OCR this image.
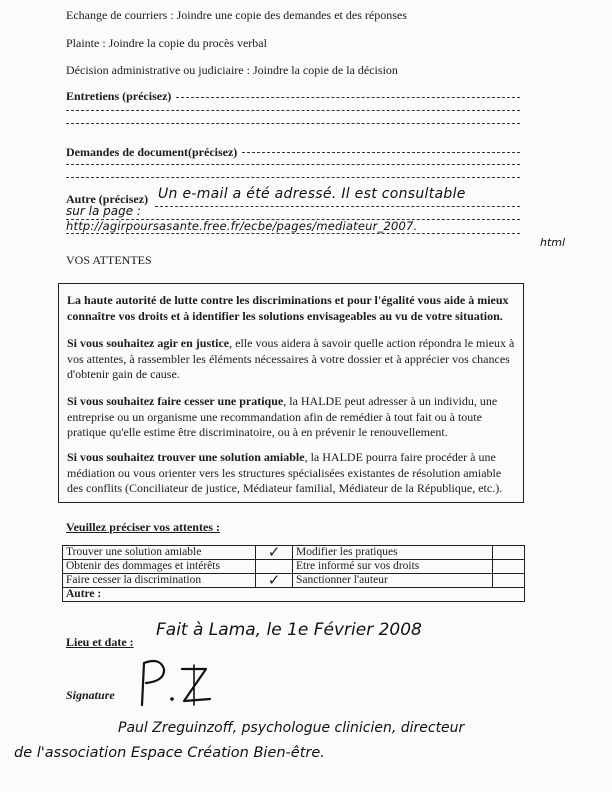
Echange de courriers : Joindre une copie des demandes et des réponses
Plainte : Joindre la copie du procès verbal
Décision administrative ou judiciaire : Joindre la copie de la décision
Entretiens (précisez)
Demandes de document(précisez)
Autre (précisez) Un e-mail a été adressé. Il est consultable
sur la page :
http://agirpoursasante.free.fr/ecbe/pages/mediateur_2007.
html
VOS ATTENTES

La haute autorité de lutte contre les discriminations et pour l'égalité vous aide à mieux connaître vos droits et à identifier les solutions envisageables au vu de votre situation.

Si vous souhaitez agir en justice, elle vous aidera à savoir quelle action répondra le mieux à vos attentes, à rassembler les éléments nécessaires à votre dossier et à apprécier vos chances d'obtenir gain de cause.

Si vous souhaitez faire cesser une pratique, la HALDE peut adresser à un individu, une entreprise ou un organisme une recommandation afin de remédier à tout fait ou à toute pratique qu'elle estime être discriminatoire, ou à en prévenir le renouvellement.

Si vous souhaitez trouver une solution amiable, la HALDE pourra faire procéder à une médiation ou vous orienter vers les structures spécialisées existantes de résolution amiable des conflits (Conciliateur de justice, Médiateur familial, Médiateur de la République, etc.).

Veuillez préciser vos attentes :
Trouver une solution amiable	✓	Modifier les pratiques	
Obtenir des dommages et intérêts		Etre informé sur vos droits	
Faire cesser la discrimination	✓	Sanctionner l'auteur	
Autre :			
Lieu et date :
Fait à Lama, le 1e Février 2008
Signature
Paul Zreguinzoff, psychologue clinicien, directeur
de l'association Espace Création Bien-être.
